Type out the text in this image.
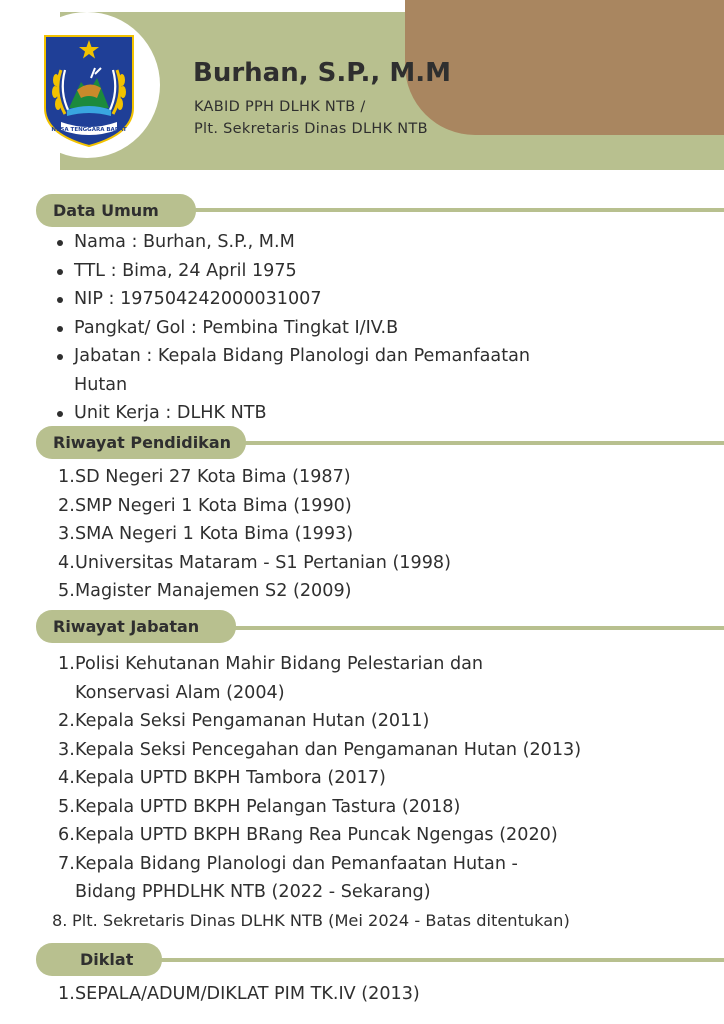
NUSA TENGGARA BARAT
Burhan, S.P., M.M
KABID PPH DLHK NTB /
Plt. Sekretaris Dinas DLHK NTB
Data Umum
Nama : Burhan, S.P., M.M
TTL : Bima, 24 April 1975
NIP : 197504242000031007
Pangkat/ Gol : Pembina Tingkat I/IV.B
Jabatan : Kepala Bidang Planologi dan Pemanfaatan
Hutan
Unit Kerja : DLHK NTB
Riwayat Pendidikan
1. SD Negeri 27 Kota Bima (1987)
2. SMP Negeri 1 Kota Bima (1990)
3. SMA Negeri 1 Kota Bima (1993)
4. Universitas Mataram - S1 Pertanian (1998)
5. Magister Manajemen S2 (2009)
Riwayat Jabatan
1. Polisi Kehutanan Mahir Bidang Pelestarian dan
Konservasi Alam (2004)
2. Kepala Seksi Pengamanan Hutan (2011)
3. Kepala Seksi Pencegahan dan Pengamanan Hutan (2013)
4. Kepala UPTD BKPH Tambora (2017)
5. Kepala UPTD BKPH Pelangan Tastura (2018)
6. Kepala UPTD BKPH BRang Rea Puncak Ngengas (2020)
7. Kepala Bidang Planologi dan Pemanfaatan Hutan -
Bidang PPHDLHK NTB (2022 - Sekarang)
8. Plt. Sekretaris Dinas DLHK NTB (Mei 2024 - Batas ditentukan)
Diklat
1. SEPALA/ADUM/DIKLAT PIM TK.IV (2013)
